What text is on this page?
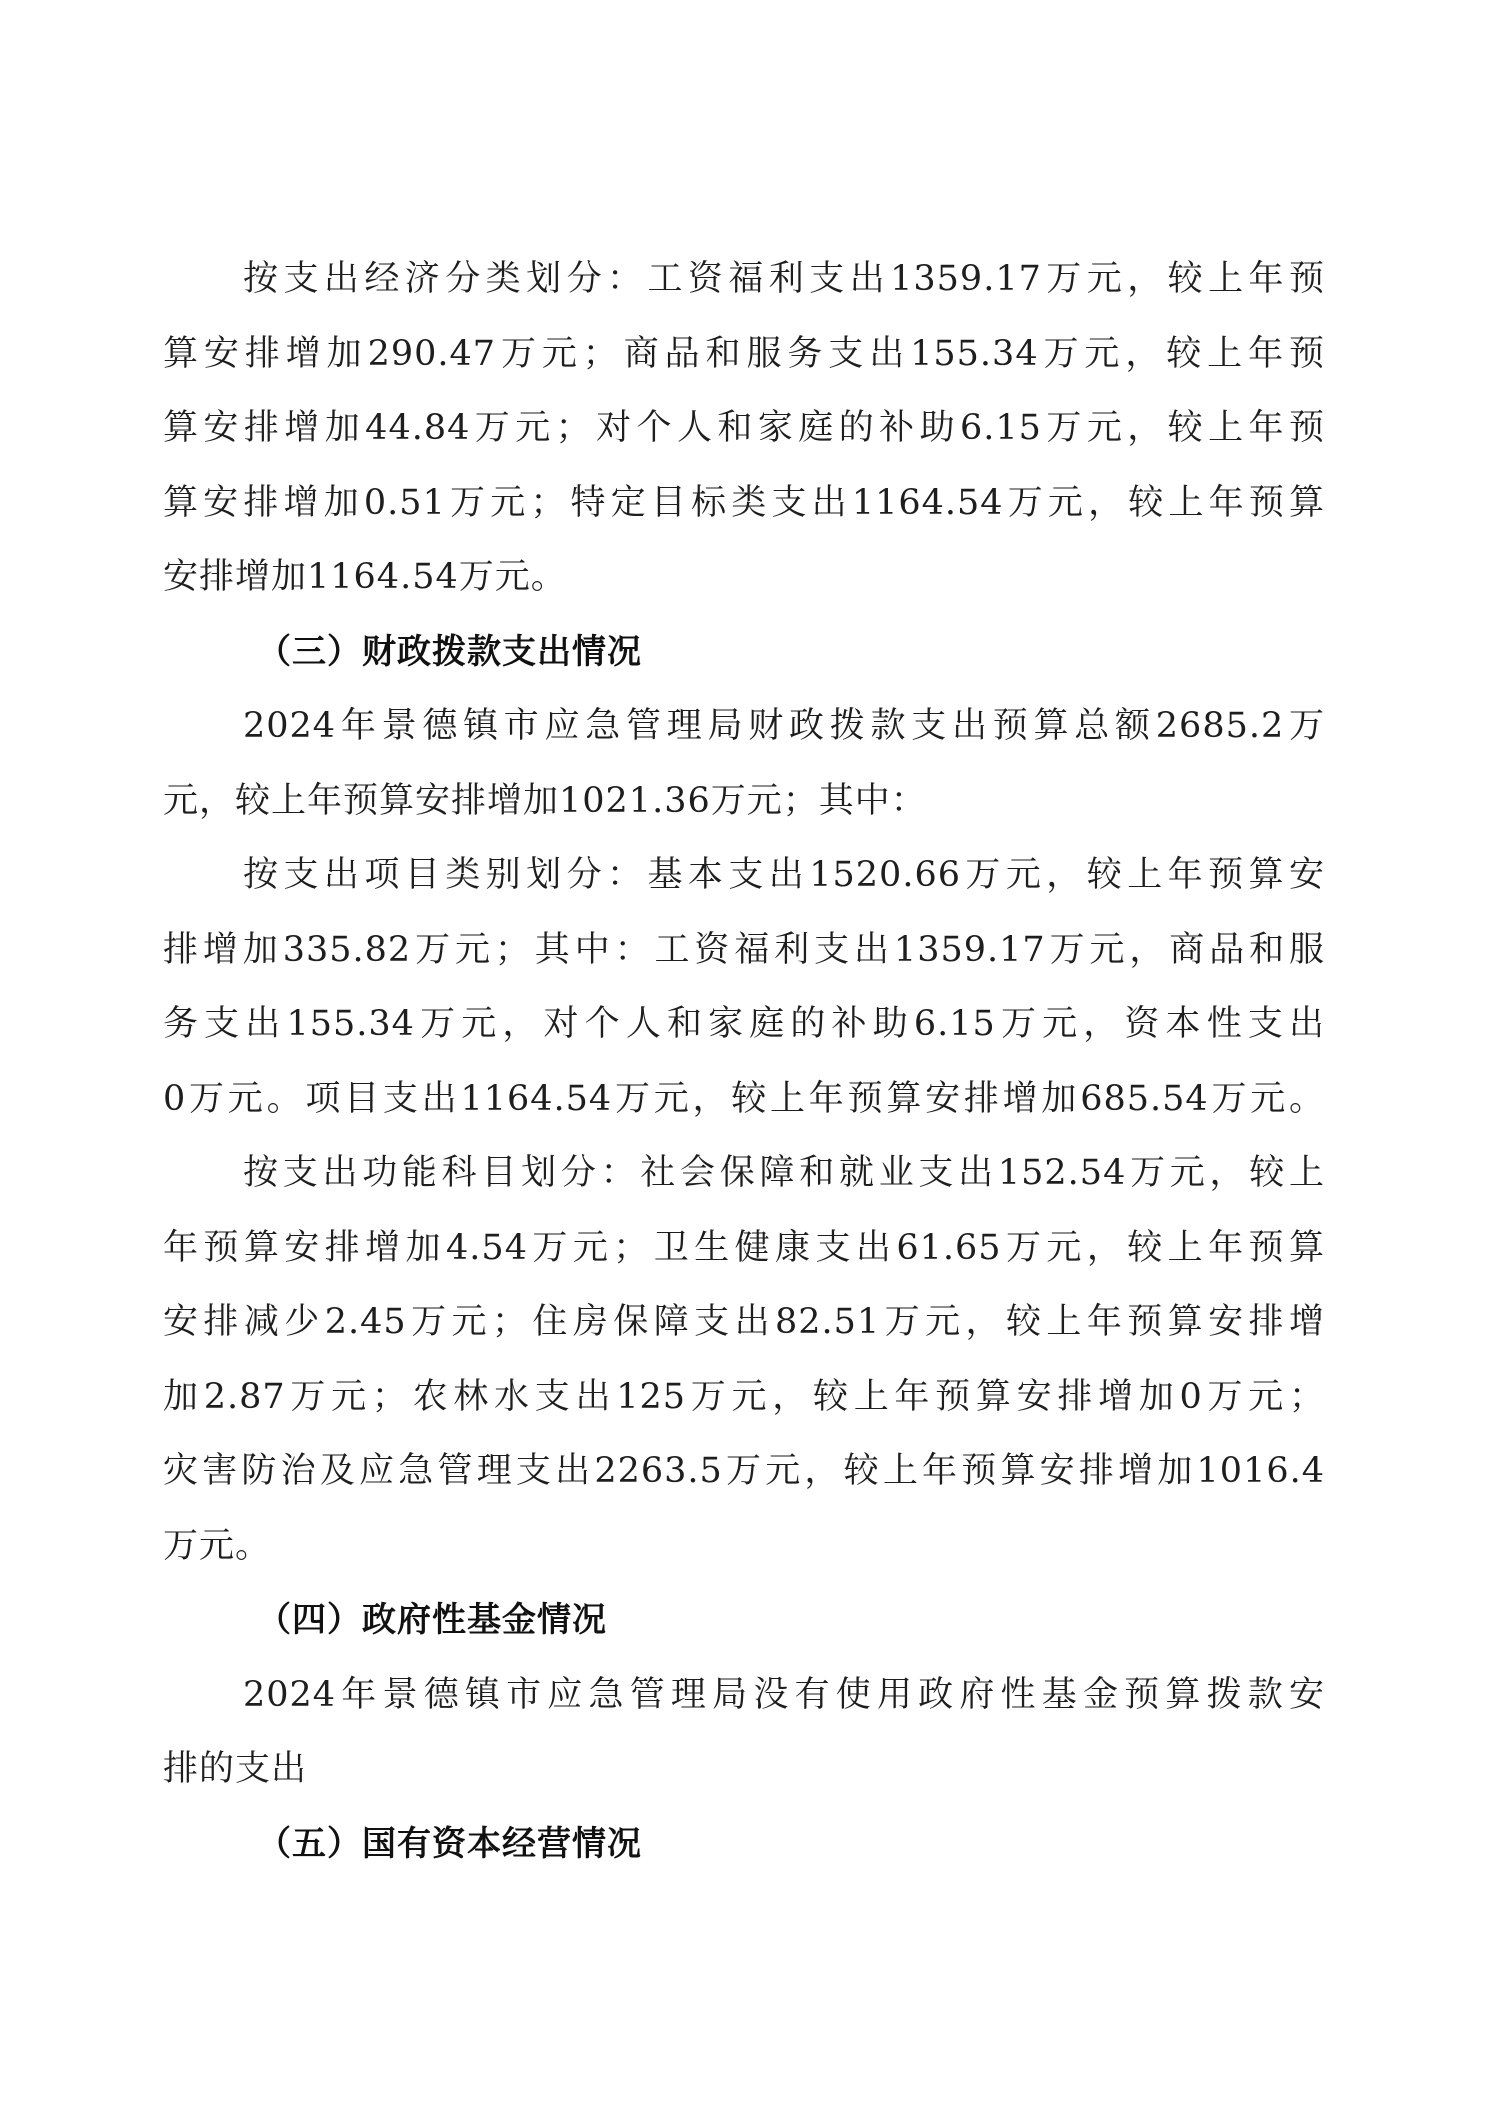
按支出经济分类划分：工资福利支出1359.17万元，较上年预
算安排增加290.47万元；商品和服务支出155.34万元，较上年预
算安排增加44.84万元；对个人和家庭的补助6.15万元，较上年预
算安排增加0.51万元；特定目标类支出1164.54万元，较上年预算
安排增加1164.54万元。
（三）财政拨款支出情况
2024年景德镇市应急管理局财政拨款支出预算总额2685.2万
元，较上年预算安排增加1021.36万元；其中：
按支出项目类别划分：基本支出1520.66万元，较上年预算安
排增加335.82万元；其中：工资福利支出1359.17万元，商品和服
务支出155.34万元，对个人和家庭的补助6.15万元，资本性支出
0万元。项目支出1164.54万元，较上年预算安排增加685.54万元。
按支出功能科目划分：社会保障和就业支出152.54万元，较上
年预算安排增加4.54万元；卫生健康支出61.65万元，较上年预算
安排减少2.45万元；住房保障支出82.51万元，较上年预算安排增
加2.87万元；农林水支出125万元，较上年预算安排增加0万元；
灾害防治及应急管理支出2263.5万元，较上年预算安排增加1016.4
万元。
（四）政府性基金情况
2024年景德镇市应急管理局没有使用政府性基金预算拨款安
排的支出
（五）国有资本经营情况
